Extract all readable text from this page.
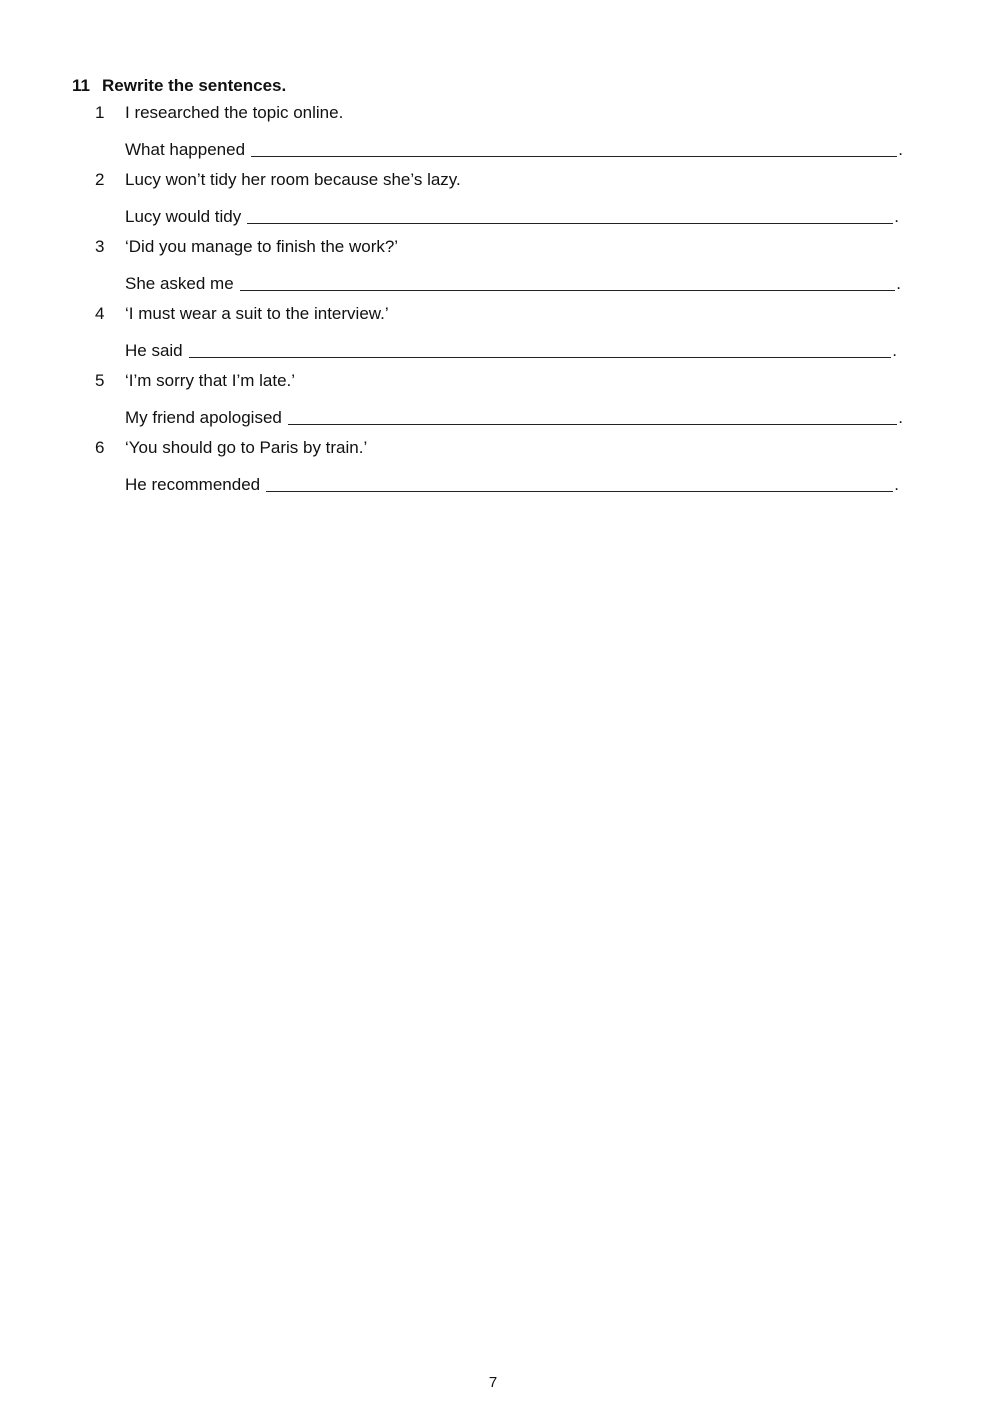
11 Rewrite the sentences.
1 I researched the topic online.
What happened	.
2 Lucy won’t tidy her room because she’s lazy.
Lucy would tidy	.
3 ‘Did you manage to finish the work?’
She asked me	.
4 ‘I must wear a suit to the interview.’
He said	.
5 ‘I’m sorry that I’m late.’
My friend apologised	.
6 ‘You should go to Paris by train.’
He recommended	.
7
